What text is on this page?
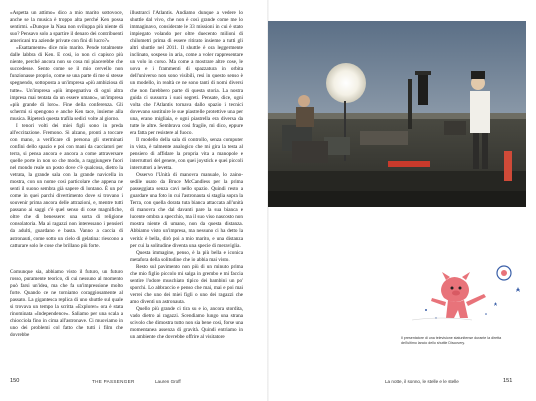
«Aspetta un attimo» dico a mio marito sottovoce, anche se la musica è troppo alta perché Ken possa sentirmi. «Dunque la Nasa non sviluppa più niente di suo? Pensavo solo a spartire il denaro dei contribuenti americani tra aziende private con fini di lucro?»

«Esattamente» dice mio marito. Pende totalmente dalle labbra di Ken. E così, io non ci capisco più niente, perché ancora non so cosa mi piacerebbe che succedesse. Sento come se il mio cervello non funzionasse proprio, come se una parte di me si stesse spegnendo, sottoposta a un'impresa «più ambiziosa di tutte». Un'impresa «più impegnativa di ogni altra impresa mai tentata da un essere umano», un'impresa «più grande di loro». Fine della conferenza. Gli schermi si spengono e anche Ken tace, insieme alla musica. Ripeterà questa trafila sedici volte al giorno.

I tenori volti dei miei figli sono in preda all'eccitazione. Fremono. Si alzano, pronti a toccare con mano, a verificare di persona gli sterminati confini dello spazio e poi con mani da cacciatori per terra, si pensa ancora e ancora a come attraversare quelle porte in non so che modo, a raggiungere fuori nel mondo reale un posto dove c'è qualcosa, dietro la vetrata, la grande sala con la grande navicella in mostra, con un nome così particolare che appena ne senti il suono sembra già sapere di lontano. È un po' come in quei parchi divertimento dove si trovano i souvenir prima ancora delle attrazioni, e, mentre tutti passano ai saggi c'è quel senso di cose magnifiche, oltre che di benessere: una sorta di religione consolatoria. Ma ai ragazzi non interessano i pensieri da adulti, guardano e basta. Vanno a caccia di astronauti, come sotto un cielo di gelatina: riescono a catturare solo le cose che brillano più forte.

Comunque sia, abbiamo visto il futuro, un futuro rosso, puramente teorico, di cui nessuno al momento può farsi un'idea, ma che fa un'impressione molto forte. Quando ce ne torniamo coraggiosamente al passato. La gigantesca replica di uno shuttle sul quale si trovava un tempo la scritta «Explorer» ora è stata rinominata «Independence». Saliamo per una scala a chiocciola fino in cima all'astronave. Ci muoviamo in uno dei problemi col fatto che tutti i film che dovrebbe

illustrarci l'Atlantis. Andiamo dunque a vedere lo shuttle dal vivo, che non è così grande come me lo immaginavo, considerate le 33 missioni in cui è stato impiegato volando per oltre duecento milioni di chilometri prima di essere ritirato insieme a tutti gli altri shuttle nel 2011. Il shuttle è ora leggermente inclinato, sospeso in aria, come a voler rappresentare un volo in corso. Ma come a mostrare altre cose, le uova e i frammenti di spazzatura in orbita dell'universo non sono visibili, resi in questo senso è un modello, in realtà ce ne sono tanti di nomi diversi che non farebbero parte di questa storia. La nostra guida ci sussurra i suoi segreti. Pensate, dice, ogni volta che l'Atlantis tornava dallo spazio i tecnici dovevano sostituire le sue piastrelle protettive una per una, erano migliaia, e ogni piastrella era diversa da tutte le altre. Sembrava così fragile, mi dico, eppure era fatta per resistere al fuoco.

Il modello della sala di controllo, senza computer in vista, è talmente analogico che mi gira la testa al pensiero di affidare la propria vita a manopole e interruttori del genere, con quei joystick e quei piccoli interruttori a levetta.

Osservo l'Unità di manovra manuale, lo zaino-sedile usato da Bruce McCandless per la prima passeggiata senza cavi nello spazio. Quindi resto a guardare una foto in cui l'astronauta si staglia sopra la Terra, con quella dorata tuta bianca attaccata all'unità di manovra che dal davanti pare la sua bianca e lucente ombra a specchio, ma il suo viso nascosto non mostra niente di umano, non da questa distanza. Abbiamo visto un'impresa, ma nessuno ci ha detto la verità: è bella, dirò poi a mio marito, e una distanza per cui la solitudine diventa una specie di meraviglia.

Questa immagine, penso, è la più bella e iconica metafora della solitudine che io abbia mai visto.

Resto sul pavimento non più di un minuto prima che mio figlio piccolo mi salga in grembo e mi faccia sentire l'odore muschiato tipico dei bambini un po' sporchi. Lo abbraccio e penso che mai, mai e poi mai verrei che uno dei miei figli o uno dei ragazzi che amo diventi un astronauta.

Quello più grande ci tira su e io, ancora stordita, vado dietro ai ragazzi. Scendiamo lungo una strana scivolo che dimostra tutto non sia bene così, forse una momentanea assenza di gravità. Quindi entriamo in un ambiente che dovrebbe offrire al visitatore	Il presentatore di una televisione statunitense durante la diretta dell'ultimo lancio dello shuttle Discovery.
150	THE PASSENGER	Lauren Groff	La notte, il sonno, le stelle e le stelle	151
